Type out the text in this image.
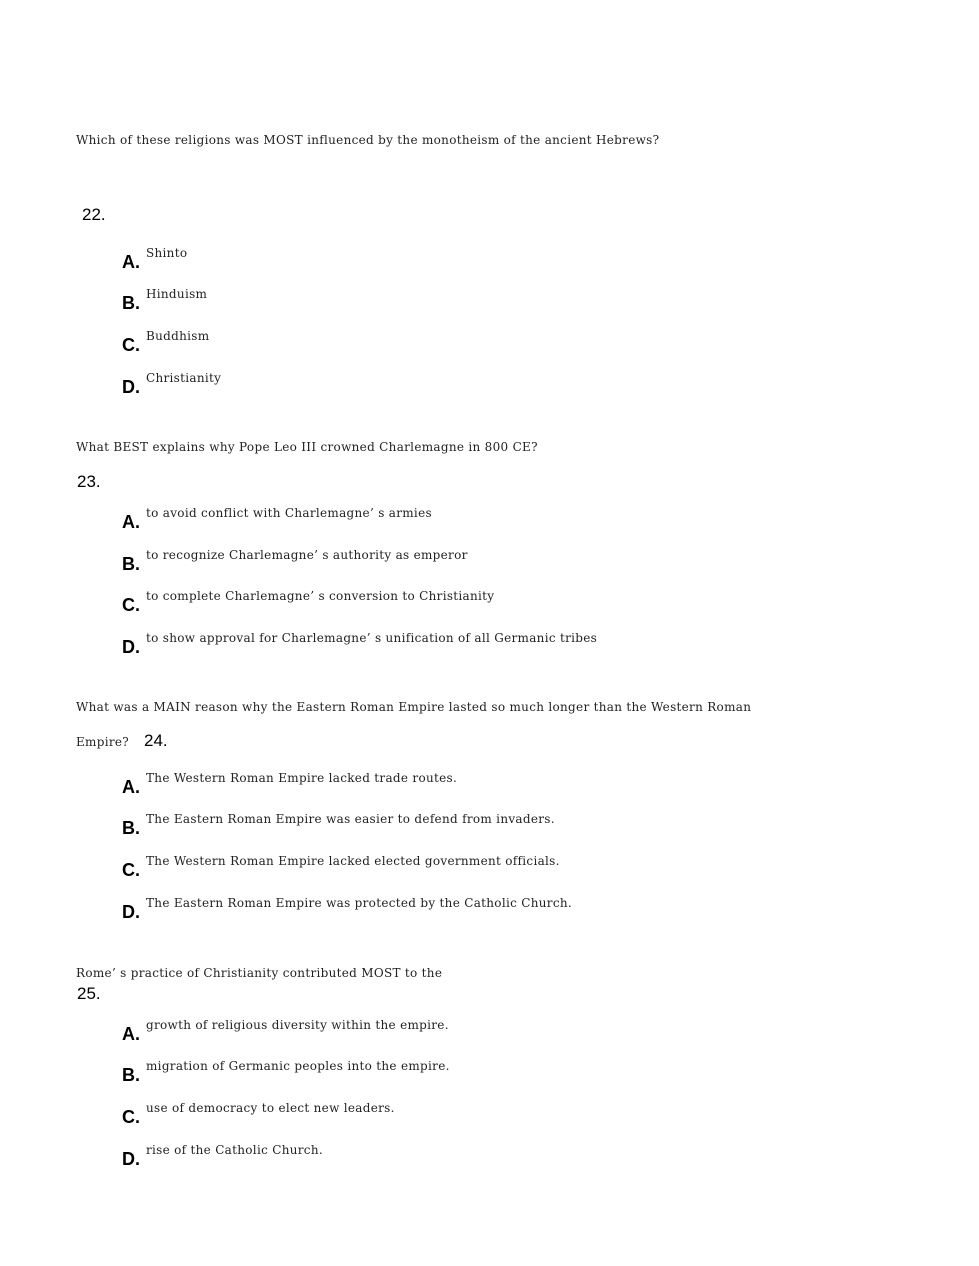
Which of these religions was MOST influenced by the monotheism of the ancient Hebrews?
22.
A. Shinto
B. Hinduism
C. Buddhism
D. Christianity
What BEST explains why Pope Leo III crowned Charlemagne in 800 CE?
23.
A. to avoid conflict with Charlemagne’ s armies
B. to recognize Charlemagne’ s authority as emperor
C. to complete Charlemagne’ s conversion to Christianity
D. to show approval for Charlemagne’ s unification of all Germanic tribes
What was a MAIN reason why the Eastern Roman Empire lasted so much longer than the Western Roman
Empire? 24.
A. The Western Roman Empire lacked trade routes.
B. The Eastern Roman Empire was easier to defend from invaders.
C. The Western Roman Empire lacked elected government officials.
D. The Eastern Roman Empire was protected by the Catholic Church.
Rome’ s practice of Christianity contributed MOST to the
25.
A. growth of religious diversity within the empire.
B. migration of Germanic peoples into the empire.
C. use of democracy to elect new leaders.
D. rise of the Catholic Church.
